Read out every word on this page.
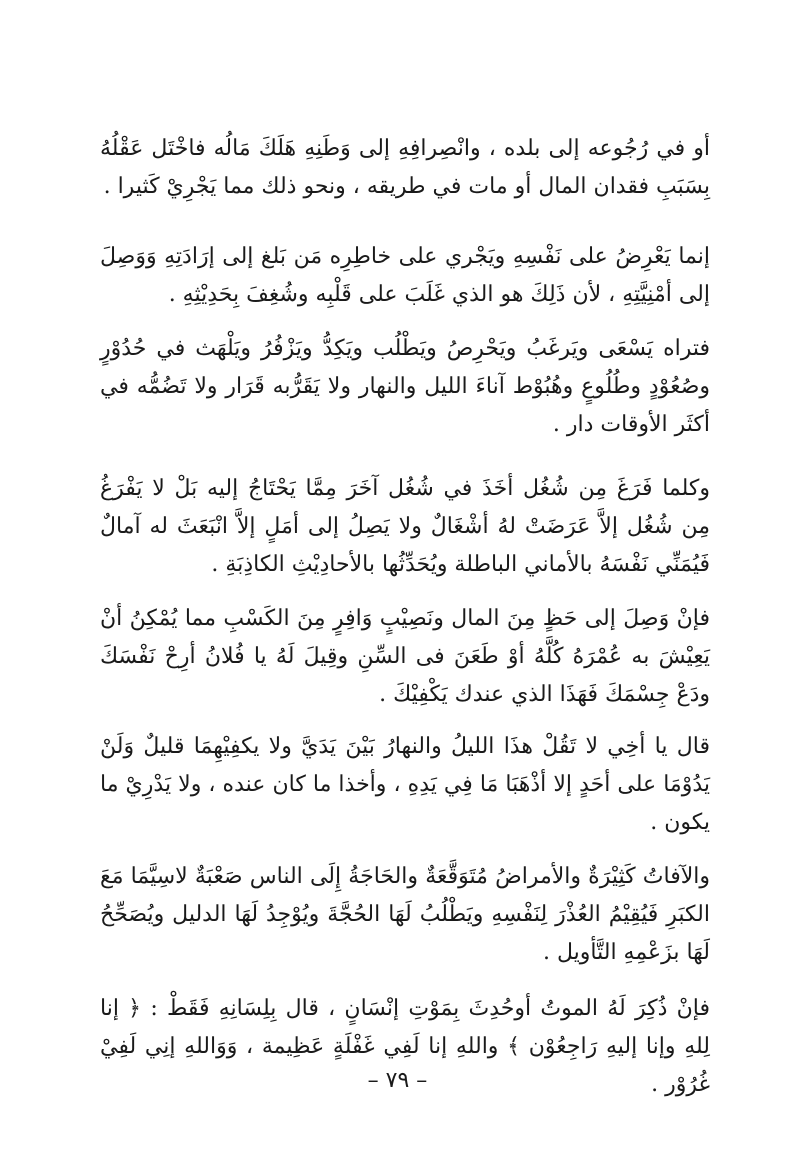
أو في رُجُوعه إلى بلده ، وانْصِرافِهِ إلى وَطَنِهِ هَلَكَ مَالُه فاخْتَل عَقْلُهُ بِسَبَبِ فقدان المال أو مات في طريقه ، ونحو ذلك مما يَجْرِيْ كَثيرا .

إنما يَعْرِضُ على نَفْسِهِ ويَجْري على خاطِرِه مَن بَلغ إلى إرَادَتِهِ وَوَصِلَ إلى أمْنِيَّتِهِ ، لأن ذَلِكَ هو الذي غَلَبَ على قَلْبِه وشُغِفَ بِحَدِيْثِهِ .

فتراه يَسْعَى ويَرغَبُ ويَحْرِصُ ويَطْلُب ويَكِدُّ ويَزْفُرُ ويَلْهَث في حُدُوْرٍ وصُعُوْدٍ وطُلُوعٍ وهُبُوْط آناءَ الليل والنهار ولا يَقَرُّبه قَرَار ولا تَضُمُّه في أكثَر الأوقات دار .

وكلما فَرَغَ مِن شُغُل أخَذَ في شُغُل آخَرَ مِمَّا يَحْتَاجُ إليه بَلْ لا يَفْرَغُ مِن شُغُل إلاَّ عَرَضَتْ لهُ أشْغَالٌ ولا يَصِلُ إلى أمَلٍ إلاَّ انْبَعَثَ له آمالٌ فَيُمَنِّي نَفْسَهُ بالأماني الباطلة ويُحَدِّثُها بالأحادِيْثِ الكاذِبَةِ .

فإنْ وَصِلَ إلى حَظٍ مِنَ المال ونَصِيْبٍ وَافِرٍ مِنَ الكَسْبِ مما يُمْكِنُ أنْ يَعِيْشَ به عُمْرَهُ كُلَّهُ أوْ طَعَنَ فى السِّنِ وقِيلَ لَهُ يا فُلانُ أرِحْ نَفْسَكَ ودَعْ جِسْمَكَ فَهَذَا الذي عندك يَكْفِيْكَ .

قال يا أخِي لا تَقُلْ هذَا الليلُ والنهارُ بَيْنَ يَدَيَّ ولا يكفِيْهِمَا قليلٌ وَلَنْ يَدُوْمَا على أحَدٍ إلا أذْهَبَا مَا فِي يَدِهِ ، وأخذا ما كان عنده ، ولا يَدْرِيْ ما يكون .

والآفاتُ كَثِيْرَةٌ والأمراضُ مُتَوَقَّعَةٌ والحَاجَةُ إِلَى الناس صَعْبَةٌ لاسِيَّمَا مَعَ الكبَرِ فَيُقِيْمُ العُذْرَ لِنَفْسِهِ ويَطْلُبُ لَهَا الحُجَّةَ ويُوْجِدُ لَهَا الدليل ويُصَحِّحُ لَهَا بزَعْمِهِ التَّأويل .

فإنْ ذُكِرَ لَهُ الموتُ أوحُدِثَ بِمَوْتِ إنْسَانٍ ، قال بِلِسَانِهِ فَقَطْ : ﴿ إنا لِلهِ وإنا إليهِ رَاجِعُوْن ﴾ واللهِ إنا لَفِي غَفْلَةٍ عَظِيمة ، وَوَاللهِ إنِي لَفِيْ غُرُوْر .

– ٧٩ –
